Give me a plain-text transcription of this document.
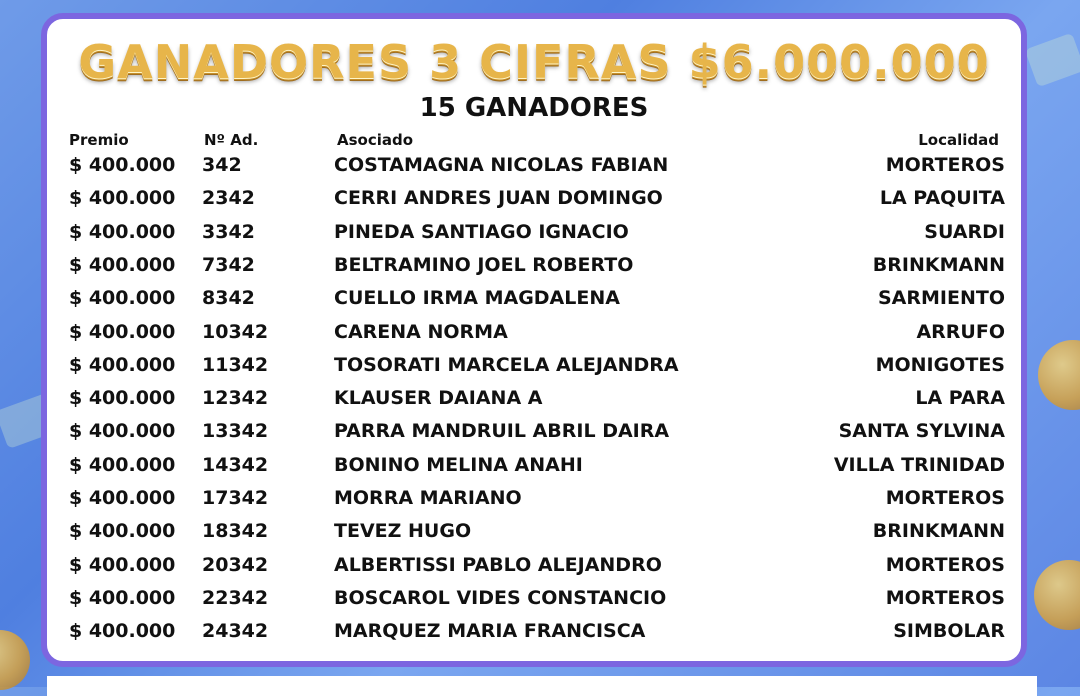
GANADORES 3 CIFRAS $6.000.000
15 GANADORES
Premio	Nº Ad.	Asociado	Localidad
$ 400.000 342	COSTAMAGNA NICOLAS FABIAN	MORTEROS
$ 400.000 2342	CERRI ANDRES JUAN DOMINGO	LA PAQUITA
$ 400.000 3342	PINEDA SANTIAGO IGNACIO	SUARDI
$ 400.000 7342	BELTRAMINO JOEL ROBERTO	BRINKMANN
$ 400.000 8342	CUELLO IRMA MAGDALENA	SARMIENTO
$ 400.000 10342	CARENA NORMA	ARRUFO
$ 400.000 11342	TOSORATI MARCELA ALEJANDRA	MONIGOTES
$ 400.000 12342	KLAUSER DAIANA A	LA PARA
$ 400.000 13342	PARRA MANDRUIL ABRIL DAIRA	SANTA SYLVINA
$ 400.000 14342	BONINO MELINA ANAHI	VILLA TRINIDAD
$ 400.000 17342	MORRA MARIANO	MORTEROS
$ 400.000 18342	TEVEZ HUGO	BRINKMANN
$ 400.000 20342	ALBERTISSI PABLO ALEJANDRO	MORTEROS
$ 400.000 22342	BOSCAROL VIDES CONSTANCIO	MORTEROS
$ 400.000 24342	MARQUEZ MARIA FRANCISCA	SIMBOLAR
